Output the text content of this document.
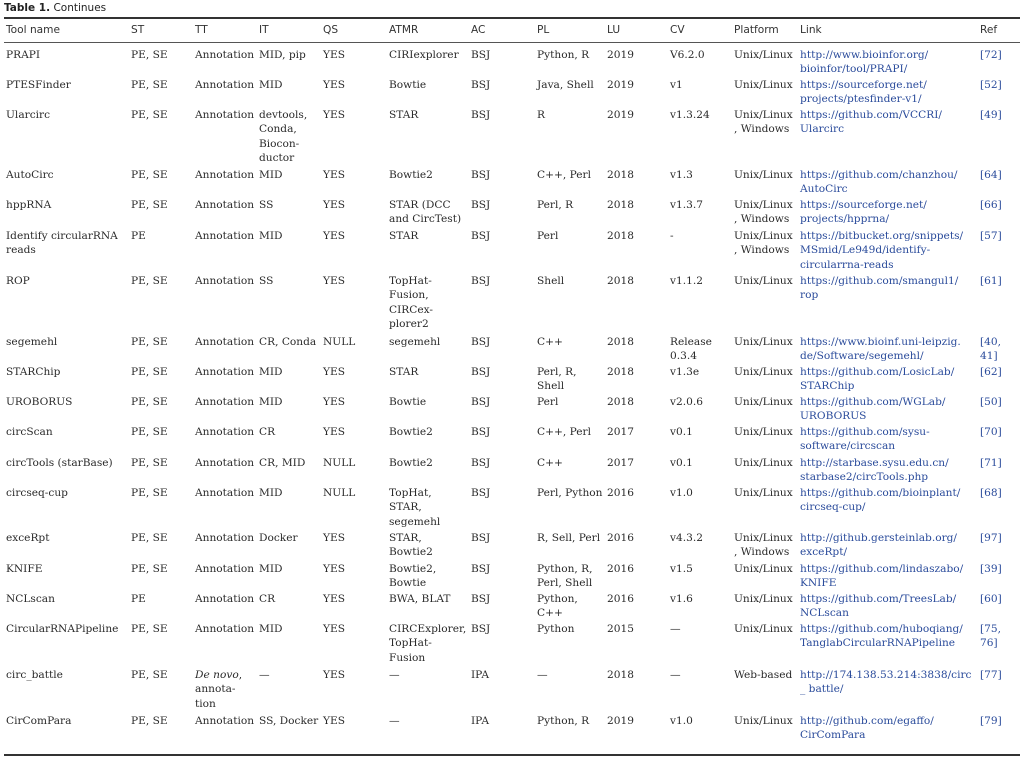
Table 1. Continues
Tool name	ST	TT	IT	QS	ATMR	AC	PL	LU	CV	Platform	Link	Ref
PRAPI	PE, SE	Annotation	MID, pip	YES	CIRIexplorer	BSJ	Python, R	2019	V6.2.0	Unix/Linux	http://www.bioinfor.org/ bioinfor/tool/PRAPI/	[72]
PTESFinder	PE, SE	Annotation	MID	YES	Bowtie	BSJ	Java, Shell	2019	v1	Unix/Linux	https://sourceforge.net/ projects/ptesfinder-v1/	[52]
Ularcirc	PE, SE	Annotation	devtools, Conda, Biocon-ductor	YES	STAR	BSJ	R	2019	v1.3.24	Unix/Linux, Windows	https://github.com/VCCRI/ Ularcirc	[49]
AutoCirc	PE, SE	Annotation	MID	YES	Bowtie2	BSJ	C++, Perl	2018	v1.3	Unix/Linux	https://github.com/chanzhou/ AutoCirc	[64]
hppRNA	PE, SE	Annotation	SS	YES	STAR (DCC and CircTest)	BSJ	Perl, R	2018	v1.3.7	Unix/Linux, Windows	https://sourceforge.net/ projects/hpprna/	[66]
Identify circularRNA reads	PE	Annotation	MID	YES	STAR	BSJ	Perl	2018	-	Unix/Linux, Windows	https://bitbucket.org/snippets/ MSmid/Le949d/identify-circularrna-reads	[57]
ROP	PE, SE	Annotation	SS	YES	TopHat-Fusion, CIRCex-plorer2	BSJ	Shell	2018	v1.1.2	Unix/Linux	https://github.com/smangul1/ rop	[61]
segemehl	PE, SE	Annotation	CR, Conda	NULL	segemehl	BSJ	C++	2018	Release 0.3.4	Unix/Linux	https://www.bioinf.uni-leipzig. de/Software/segemehl/	[40, 41]
STARChip	PE, SE	Annotation	MID	YES	STAR	BSJ	Perl, R, Shell	2018	v1.3e	Unix/Linux	https://github.com/LosicLab/ STARChip	[62]
UROBORUS	PE, SE	Annotation	MID	YES	Bowtie	BSJ	Perl	2018	v2.0.6	Unix/Linux	https://github.com/WGLab/ UROBORUS	[50]
circScan	PE, SE	Annotation	CR	YES	Bowtie2	BSJ	C++, Perl	2017	v0.1	Unix/Linux	https://github.com/sysu-software/circscan	[70]
circTools (starBase)	PE, SE	Annotation	CR, MID	NULL	Bowtie2	BSJ	C++	2017	v0.1	Unix/Linux	http://starbase.sysu.edu.cn/ starbase2/circTools.php	[71]
circseq-cup	PE, SE	Annotation	MID	NULL	TopHat, STAR, segemehl	BSJ	Perl, Python	2016	v1.0	Unix/Linux	https://github.com/bioinplant/ circseq-cup/	[68]
exceRpt	PE, SE	Annotation	Docker	YES	STAR, Bowtie2	BSJ	R, Sell, Perl	2016	v4.3.2	Unix/Linux, Windows	http://github.gersteinlab.org/ exceRpt/	[97]
KNIFE	PE, SE	Annotation	MID	YES	Bowtie2, Bowtie	BSJ	Python, R, Perl, Shell	2016	v1.5	Unix/Linux	https://github.com/lindaszabo/ KNIFE	[39]
NCLscan	PE	Annotation	CR	YES	BWA, BLAT	BSJ	Python, C++	2016	v1.6	Unix/Linux	https://github.com/TreesLab/ NCLscan	[60]
CircularRNAPipeline	PE, SE	Annotation	MID	YES	CIRCExplorer, TopHat-Fusion	BSJ	Python	2015	—	Unix/Linux	https://github.com/huboqiang/ TanglabCircularRNAPipeline	[75, 76]
circ_battle	PE, SE	De novo, annota-tion	—	YES	—	IPA	—	2018	—	Web-based	http://174.138.53.214:3838/circ_ battle/	[77]
CirComPara	PE, SE	Annotation	SS, Docker	YES	—	IPA	Python, R	2019	v1.0	Unix/Linux	http://github.com/egaffo/ CirComPara	[79]
